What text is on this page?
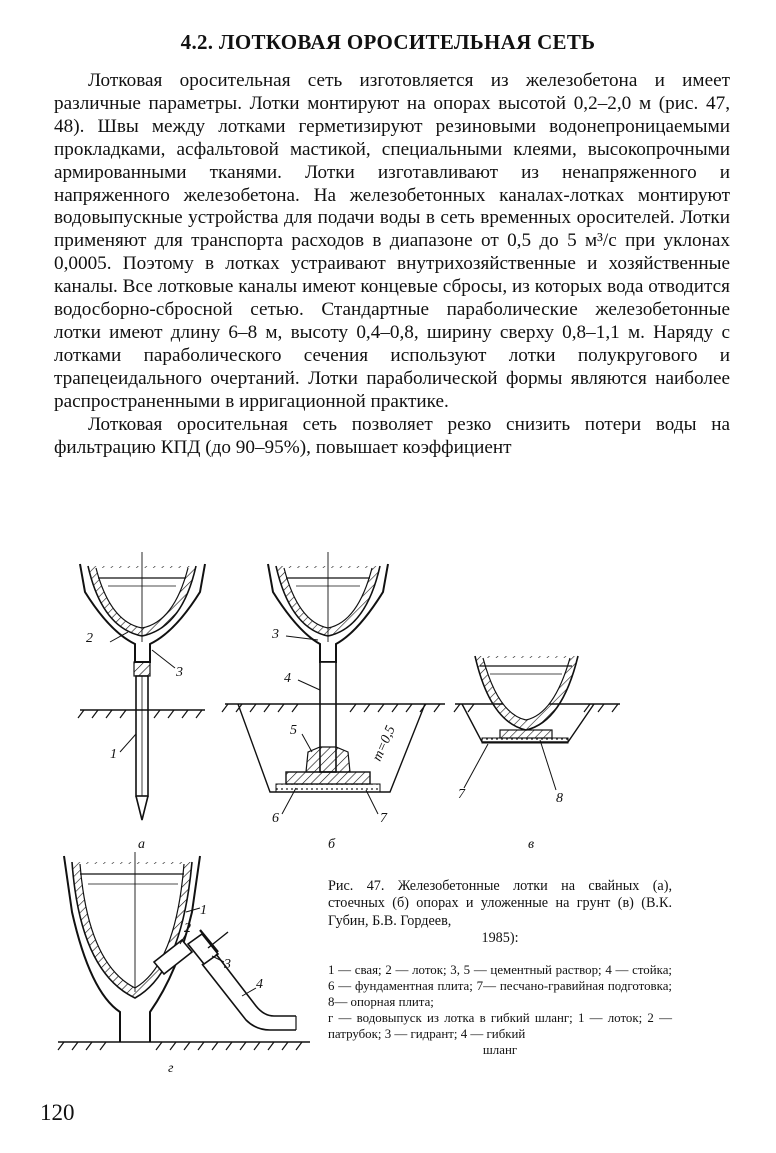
4.2. ЛОТКОВАЯ ОРОСИТЕЛЬНАЯ СЕТЬ

Лотковая оросительная сеть изготовляется из железобетона и имеет различные параметры. Лотки монтируют на опорах высотой 0,2–2,0 м (рис. 47, 48). Швы между лотками герметизируют резиновыми водонепроницаемыми прокладками, асфальтовой мастикой, специальными клеями, высокопрочными армированными тканями. Лотки изготавливают из ненапряженного и напряженного железобетона. На железобетонных каналах-лотках монтируют водовыпускные устройства для подачи воды в сеть временных оросителей. Лотки применяют для транспорта расходов в диапазоне от 0,5 до 5 м³/с при уклонах 0,0005. Поэтому в лотках устраивают внутрихозяйственные и хозяйственные каналы. Все лотковые каналы имеют концевые сбросы, из которых вода отводится водосборно-сбросной сетью. Стандартные параболические железобетонные лотки имеют длину 6–8 м, высоту 0,4–0,8, ширину сверху 0,8–1,1 м. Наряду с лотками параболического сечения используют лотки полукругового и трапецеидального очертаний. Лотки параболической формы являются наиболее распространенными в ирригационной практике.

Лотковая оросительная сеть позволяет резко снизить потери воды на фильтрацию КПД (до 90–95%), повышает коэффициент

2
3
1
а
3
4
5	m=0,5
6	7
б
7	8
в
1
2
3
4
г
Рис. 47. Железобетонные лотки на свайных (а), стоечных (б) опорах и уложенные на грунт (в) (В.К. Губин, Б.В. Гордеев,
1985):
1 — свая; 2 — лоток; 3, 5 — цементный раствор; 4 — стойка; 6 — фундаментная плита; 7— песчано-гравийная подготовка; 8— опорная плита;
г — водовыпуск из лотка в гибкий шланг; 1 — лоток; 2 — патрубок; 3 — гидрант; 4 — гибкий
шланг
120
